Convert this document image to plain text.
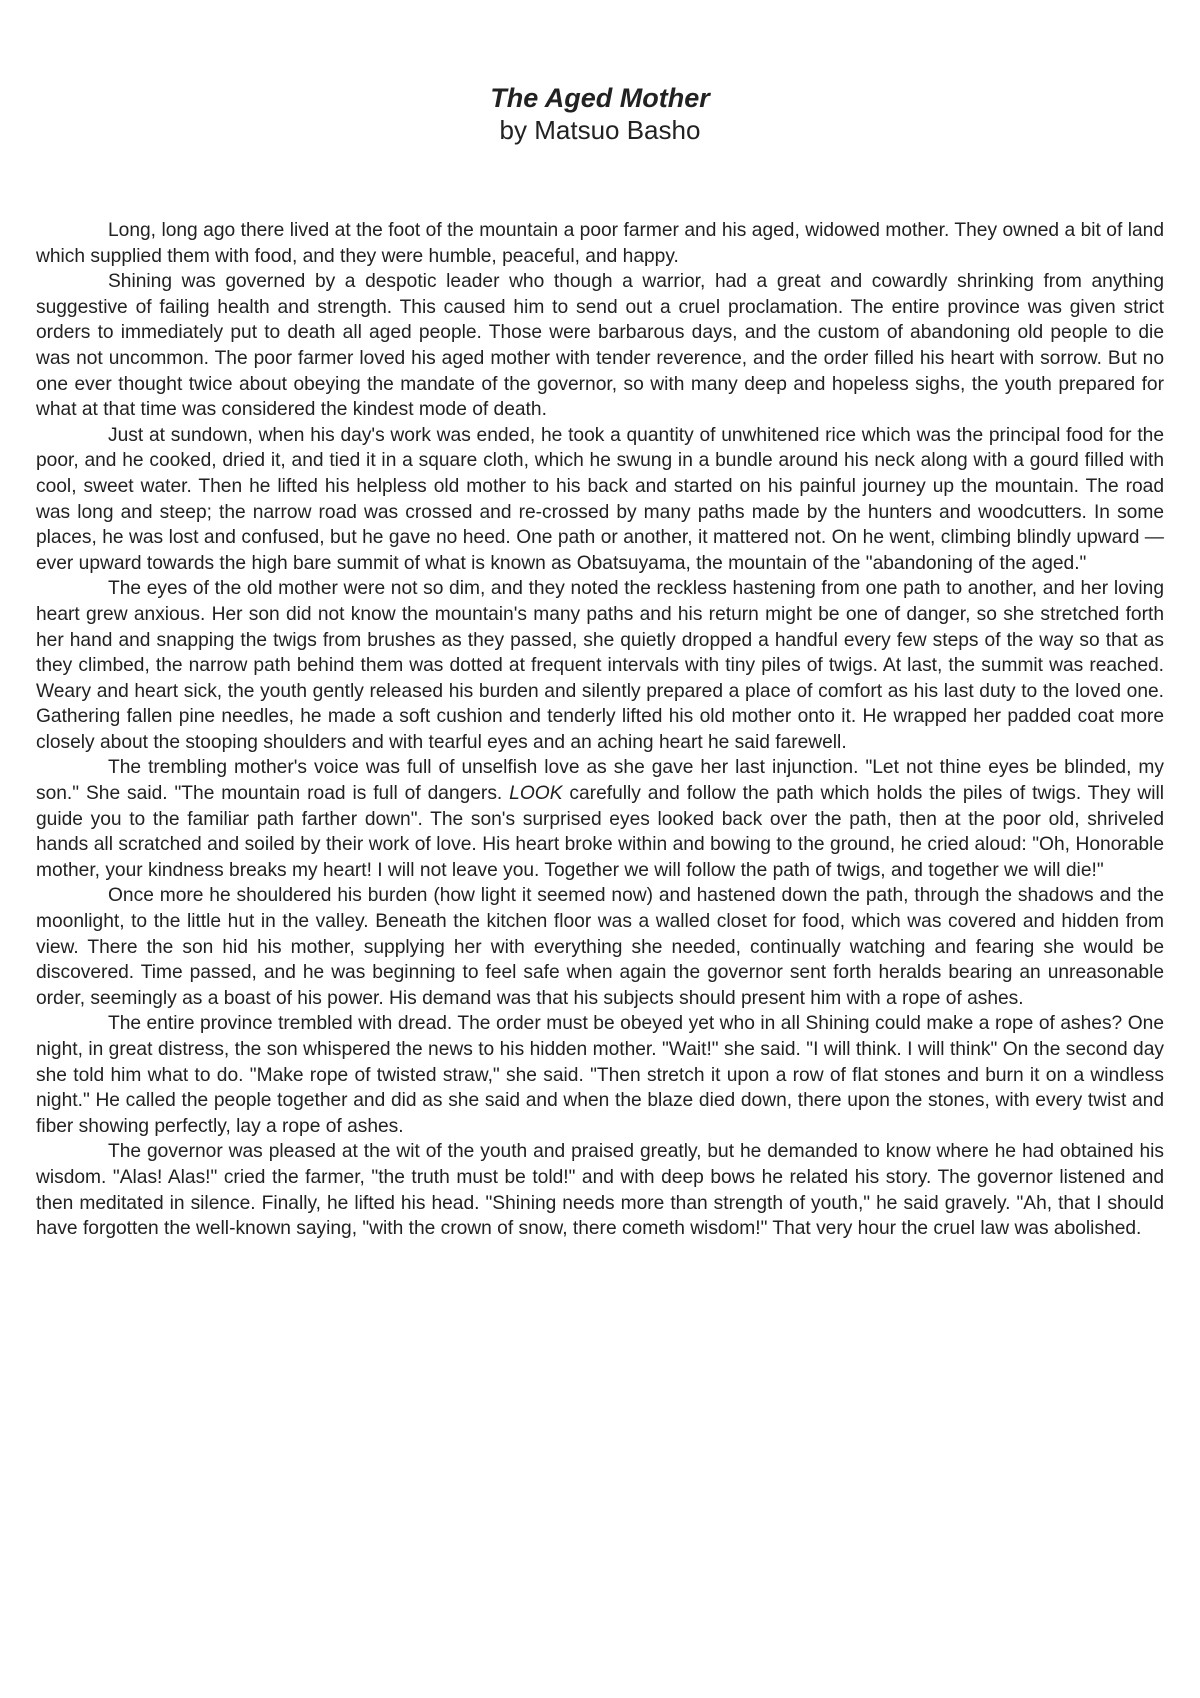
The Aged Mother
by Matsuo Basho

Long, long ago there lived at the foot of the mountain a poor farmer and his aged, widowed mother. They owned a bit of land which supplied them with food, and they were humble, peaceful, and happy.

Shining was governed by a despotic leader who though a warrior, had a great and cowardly shrinking from anything suggestive of failing health and strength. This caused him to send out a cruel proclamation. The entire province was given strict orders to immediately put to death all aged people. Those were barbarous days, and the custom of abandoning old people to die was not uncommon. The poor farmer loved his aged mother with tender reverence, and the order filled his heart with sorrow. But no one ever thought twice about obeying the mandate of the governor, so with many deep and hopeless sighs, the youth prepared for what at that time was considered the kindest mode of death.

Just at sundown, when his day's work was ended, he took a quantity of unwhitened rice which was the principal food for the poor, and he cooked, dried it, and tied it in a square cloth, which he swung in a bundle around his neck along with a gourd filled with cool, sweet water. Then he lifted his helpless old mother to his back and started on his painful journey up the mountain. The road was long and steep; the narrow road was crossed and re-crossed by many paths made by the hunters and woodcutters. In some places, he was lost and confused, but he gave no heed. One path or another, it mattered not. On he went, climbing blindly upward — ever upward towards the high bare summit of what is known as Obatsuyama, the mountain of the "abandoning of the aged."

The eyes of the old mother were not so dim, and they noted the reckless hastening from one path to another, and her loving heart grew anxious. Her son did not know the mountain's many paths and his return might be one of danger, so she stretched forth her hand and snapping the twigs from brushes as they passed, she quietly dropped a handful every few steps of the way so that as they climbed, the narrow path behind them was dotted at frequent intervals with tiny piles of twigs. At last, the summit was reached. Weary and heart sick, the youth gently released his burden and silently prepared a place of comfort as his last duty to the loved one. Gathering fallen pine needles, he made a soft cushion and tenderly lifted his old mother onto it. He wrapped her padded coat more closely about the stooping shoulders and with tearful eyes and an aching heart he said farewell.

The trembling mother's voice was full of unselfish love as she gave her last injunction. "Let not thine eyes be blinded, my son." She said. "The mountain road is full of dangers. LOOK carefully and follow the path which holds the piles of twigs. They will guide you to the familiar path farther down". The son's surprised eyes looked back over the path, then at the poor old, shriveled hands all scratched and soiled by their work of love. His heart broke within and bowing to the ground, he cried aloud: "Oh, Honorable mother, your kindness breaks my heart! I will not leave you. Together we will follow the path of twigs, and together we will die!"

Once more he shouldered his burden (how light it seemed now) and hastened down the path, through the shadows and the moonlight, to the little hut in the valley. Beneath the kitchen floor was a walled closet for food, which was covered and hidden from view. There the son hid his mother, supplying her with everything she needed, continually watching and fearing she would be discovered. Time passed, and he was beginning to feel safe when again the governor sent forth heralds bearing an unreasonable order, seemingly as a boast of his power. His demand was that his subjects should present him with a rope of ashes.

The entire province trembled with dread. The order must be obeyed yet who in all Shining could make a rope of ashes? One night, in great distress, the son whispered the news to his hidden mother. "Wait!" she said. "I will think. I will think" On the second day she told him what to do. "Make rope of twisted straw," she said. "Then stretch it upon a row of flat stones and burn it on a windless night." He called the people together and did as she said and when the blaze died down, there upon the stones, with every twist and fiber showing perfectly, lay a rope of ashes.

The governor was pleased at the wit of the youth and praised greatly, but he demanded to know where he had obtained his wisdom. "Alas! Alas!" cried the farmer, "the truth must be told!" and with deep bows he related his story. The governor listened and then meditated in silence. Finally, he lifted his head. "Shining needs more than strength of youth," he said gravely. "Ah, that I should have forgotten the well-known saying, "with the crown of snow, there cometh wisdom!" That very hour the cruel law was abolished.
